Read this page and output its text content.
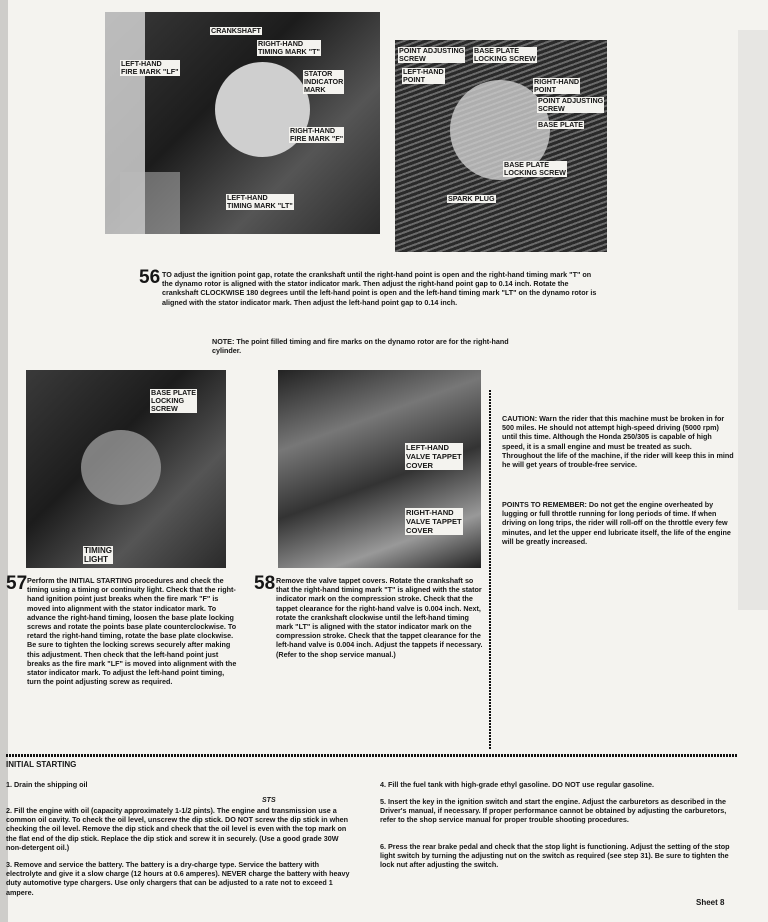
CRANKSHAFT
RIGHT-HAND
TIMING MARK "T"
LEFT-HAND
FIRE MARK "LF"	STATOR
INDICATOR
MARK
RIGHT-HAND
FIRE MARK "F"
LEFT-HAND
TIMING MARK "LT"
POINT ADJUSTING
SCREW
BASE PLATE
LOCKING SCREW
LEFT-HAND
POINT	RIGHT-HAND
POINT
POINT ADJUSTING
SCREW
BASE PLATE
BASE PLATE
LOCKING SCREW
SPARK PLUG
56 TO adjust the ignition point gap, rotate the crankshaft until the right-hand point is open and the right-hand timing mark "T" on the dynamo rotor is aligned with the stator indicator mark. Then adjust the right-hand point gap to 0.14 inch. Rotate the crankshaft CLOCKWISE 180 degrees until the left-hand point is open and the left-hand timing mark "LT" on the dynamo rotor is aligned with the stator indicator mark. Then adjust the left-hand point gap to 0.14 inch.
NOTE: The point filled timing and fire marks on the dynamo rotor are for the right-hand cylinder.
BASE PLATE
LOCKING
SCREW
TIMING
LIGHT
LEFT-HAND
VALVE TAPPET
COVER
RIGHT-HAND
VALVE TAPPET
COVER
57 Perform the INITIAL STARTING procedures and check the timing using a timing or continuity light. Check that the right-hand ignition point just breaks when the fire mark "F" is moved into alignment with the stator indicator mark. To advance the right-hand timing, loosen the base plate locking screws and rotate the points base plate counterclockwise. To retard the right-hand timing, rotate the base plate clockwise. Be sure to tighten the locking screws securely after making this adjustment. Then check that the left-hand point just breaks as the fire mark "LF" is moved into alignment with the stator indicator mark. To adjust the left-hand point timing, turn the point adjusting screw as required.
58 Remove the valve tappet covers. Rotate the crankshaft so that the right-hand timing mark "T" is aligned with the stator indicator mark on the compression stroke. Check that the tappet clearance for the right-hand valve is 0.004 inch. Next, rotate the crankshaft clockwise until the left-hand timing mark "LT" is aligned with the stator indicator mark on the compression stroke. Check that the tappet clearance for the left-hand valve is 0.004 inch. Adjust the tappets if necessary. (Refer to the shop service manual.)
CAUTION: Warn the rider that this machine must be broken in for 500 miles. He should not attempt high-speed driving (5000 rpm) until this time. Although the Honda 250/305 is capable of high speed, it is a small engine and must be treated as such. Throughout the life of the machine, if the rider will keep this in mind he will get years of trouble-free service.
POINTS TO REMEMBER: Do not get the engine overheated by lugging or full throttle running for long periods of time. If when driving on long trips, the rider will roll-off on the throttle every few minutes, and let the upper end lubricate itself, the life of the engine will be greatly increased.
INITIAL STARTING
STS
1. Drain the shipping oil
2. Fill the engine with oil (capacity approximately 1-1/2 pints). The engine and transmission use a common oil cavity. To check the oil level, unscrew the dip stick. DO NOT screw the dip stick in when checking the oil level. Remove the dip stick and check that the oil level is even with the top mark on the flat end of the dip stick. Replace the dip stick and screw it in securely. (Use a good grade 30W non-detergent oil.)
3. Remove and service the battery. The battery is a dry-charge type. Service the battery with electrolyte and give it a slow charge (12 hours at 0.6 amperes). NEVER charge the battery with heavy duty automotive type chargers. Use only chargers that can be adjusted to a rate not to exceed 1 ampere.
4. Fill the fuel tank with high-grade ethyl gasoline. DO NOT use regular gasoline.
5. Insert the key in the ignition switch and start the engine. Adjust the carburetors as described in the Driver's manual, if necessary. If proper performance cannot be obtained by adjusting the carburetors, refer to the shop service manual for proper trouble shooting procedures.
6. Press the rear brake pedal and check that the stop light is functioning. Adjust the setting of the stop light switch by turning the adjusting nut on the switch as required (see step 31). Be sure to tighten the lock nut after adjusting the switch.
Sheet 8
